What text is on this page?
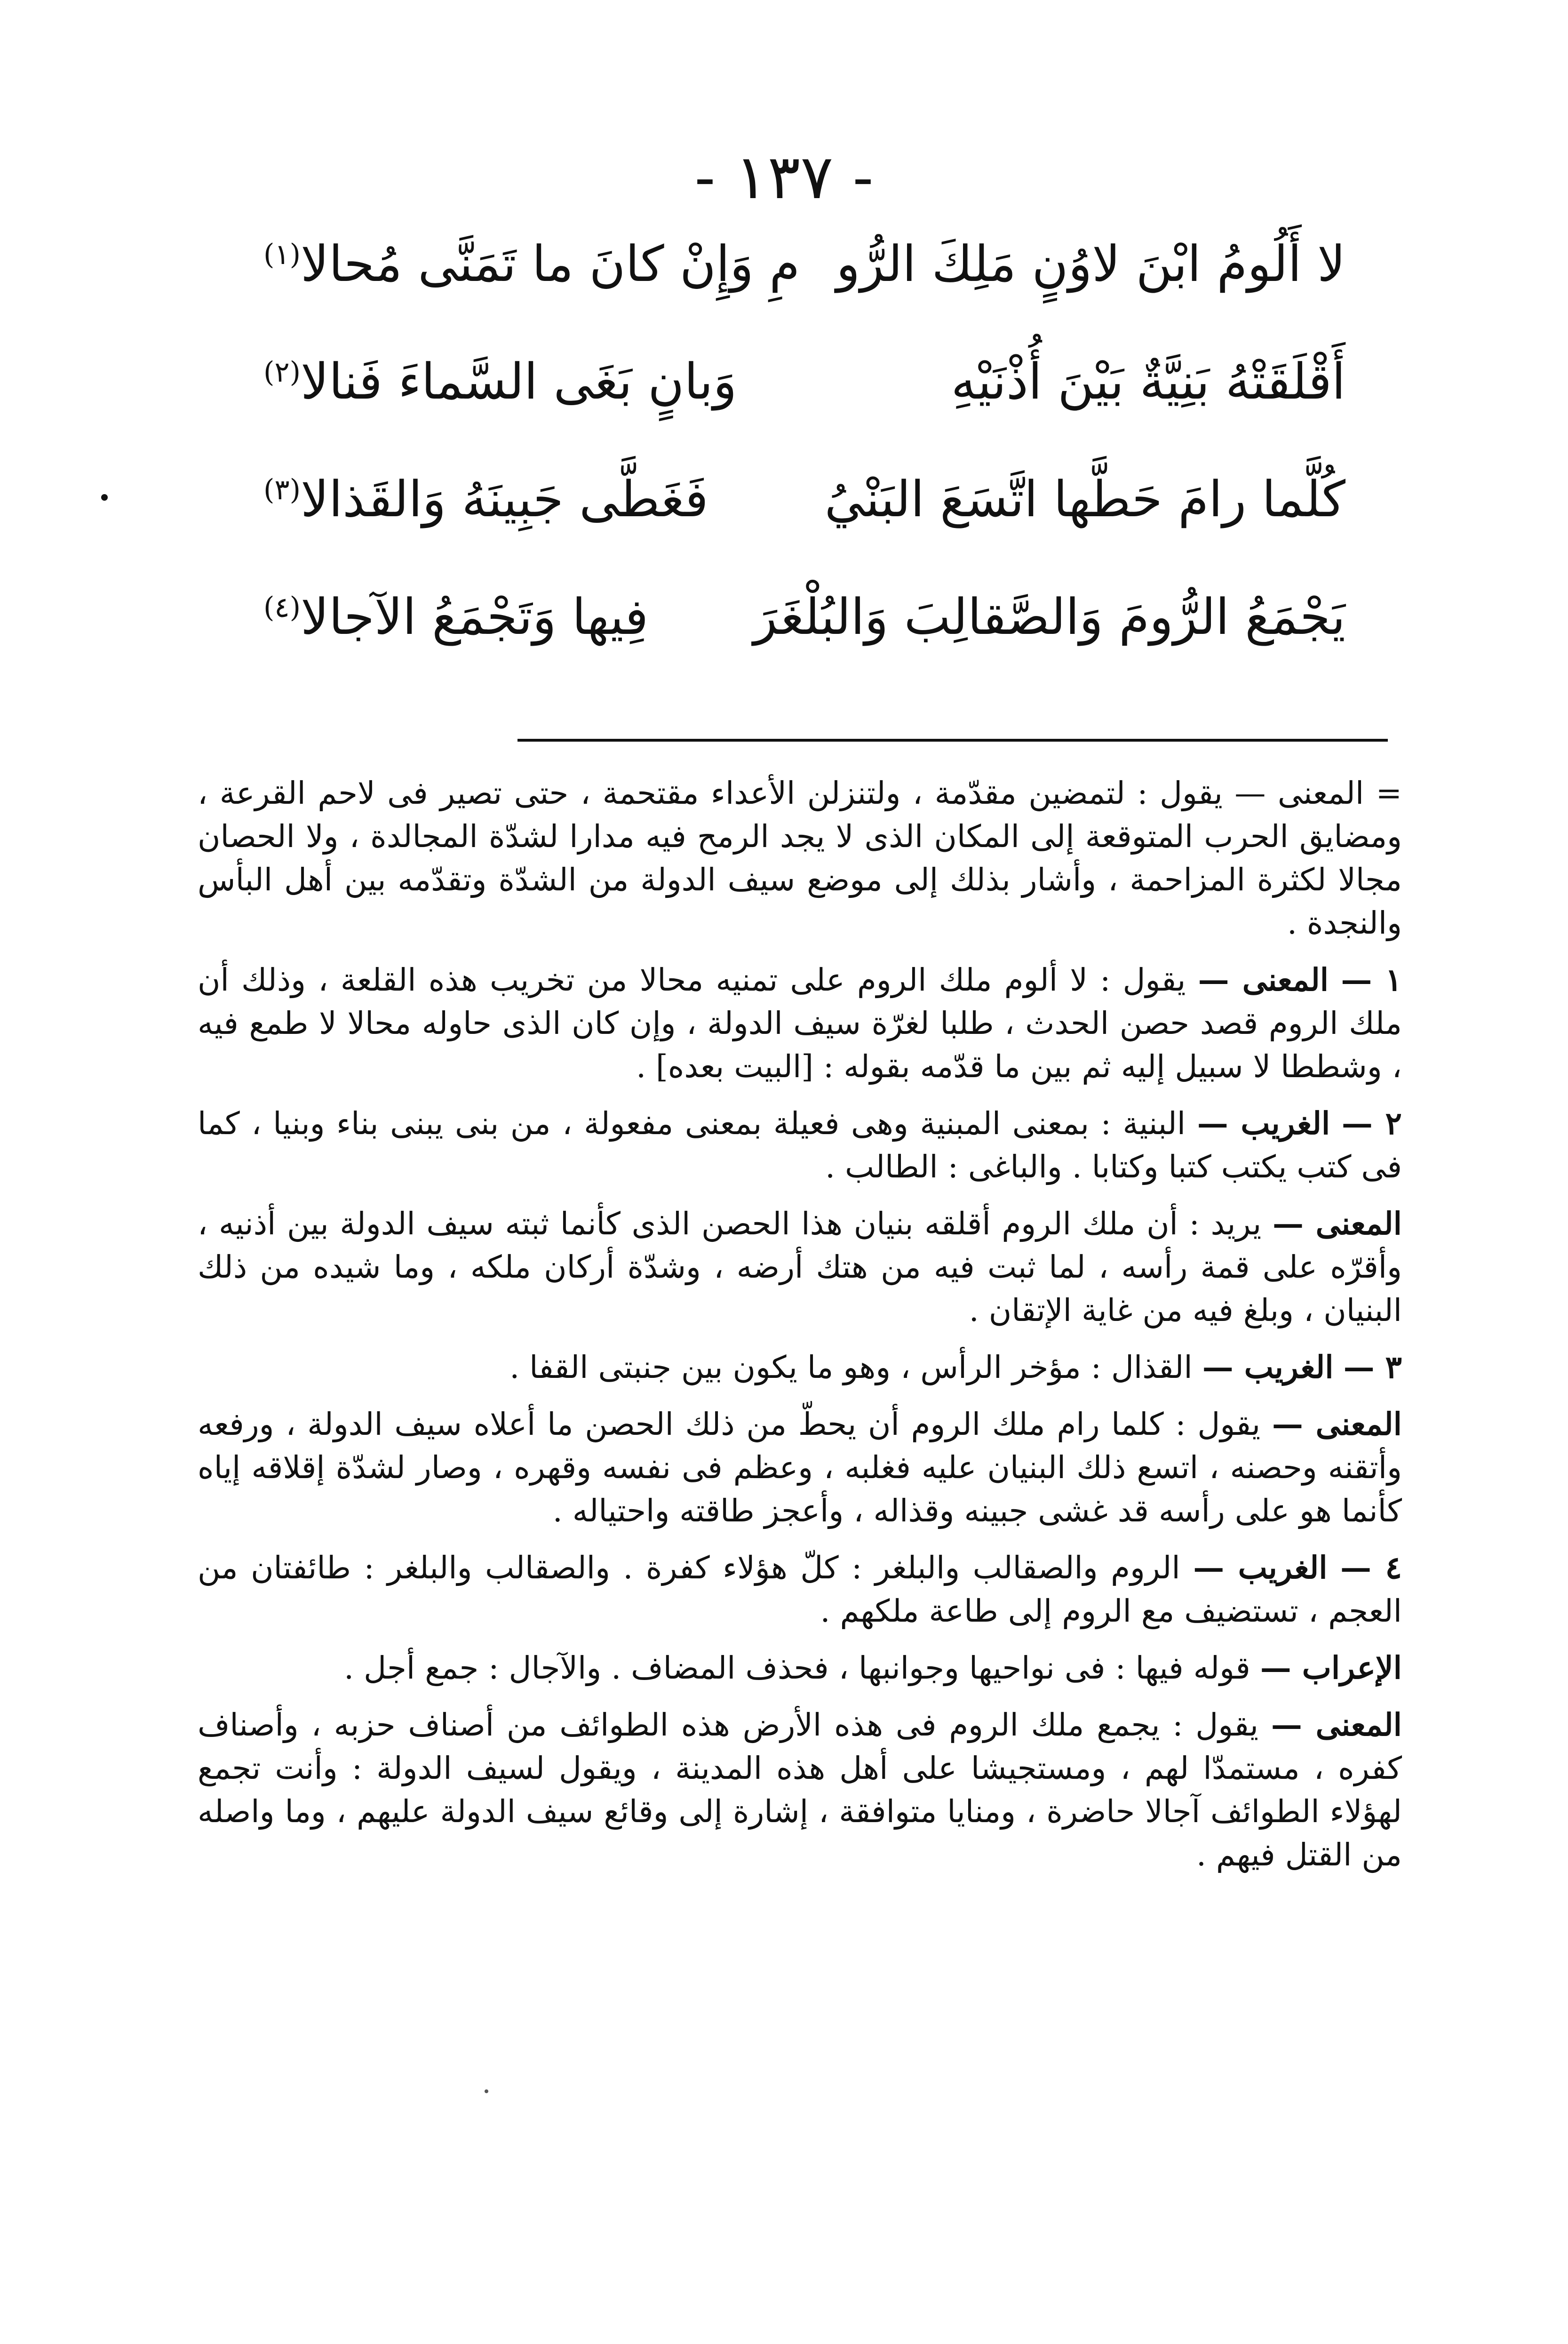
- ١٣٧ -
لا أَلُومُ ابْنَ لاوُنٍ مَلِكَ الرُّو
مِ وَإِنْ كانَ ما تَمَنَّى مُحالا$^{(١)}$
أَقْلَقَتْهُ بَنِيَّةٌ بَيْنَ أُذْنَيْهِ
وَبانٍ بَغَى السَّماءَ فَنالا$^{(٢)}$
كُلَّما رامَ حَطَّها اتَّسَعَ البَنْيُ
فَغَطَّى جَبِينَهُ وَالقَذالا$^{(٣)}$
يَجْمَعُ الرُّومَ وَالصَّقالِبَ وَالبُلْغَرَ
فِيها وَتَجْمَعُ الآجالا$^{(٤)}$

= المعنى — يقول : لتمضين مقدّمة ، ولتنزلن الأعداء مقتحمة ، حتى تصير فى لاحم القرعة ، ومضايق الحرب المتوقعة إلى المكان الذى لا يجد الرمح فيه مدارا لشدّة المجالدة ، ولا الحصان مجالا لكثرة المزاحمة ، وأشار بذلك إلى موضع سيف الدولة من الشدّة وتقدّمه بين أهل البأس والنجدة .

١ — المعنى — يقول : لا ألوم ملك الروم على تمنيه محالا من تخريب هذه القلعة ، وذلك أن ملك الروم قصد حصن الحدث ، طلبا لغرّة سيف الدولة ، وإن كان الذى حاوله محالا لا طمع فيه ، وشططا لا سبيل إليه ثم بين ما قدّمه بقوله : [البيت بعده] .

٢ — الغريب — البنية : بمعنى المبنية وهى فعيلة بمعنى مفعولة ، من بنى يبنى بناء وبنيا ، كما فى كتب يكتب كتبا وكتابا . والباغى : الطالب .

المعنى — يريد : أن ملك الروم أقلقه بنيان هذا الحصن الذى كأنما ثبته سيف الدولة بين أذنيه ، وأقرّه على قمة رأسه ، لما ثبت فيه من هتك أرضه ، وشدّة أركان ملكه ، وما شيده من ذلك البنيان ، وبلغ فيه من غاية الإتقان .

٣ — الغريب — القذال : مؤخر الرأس ، وهو ما يكون بين جنبتى القفا .

المعنى — يقول : كلما رام ملك الروم أن يحطّ من ذلك الحصن ما أعلاه سيف الدولة ، ورفعه وأتقنه وحصنه ، اتسع ذلك البنيان عليه فغلبه ، وعظم فى نفسه وقهره ، وصار لشدّة إقلاقه إياه كأنما هو على رأسه قد غشى جبينه وقذاله ، وأعجز طاقته واحتياله .

٤ — الغريب — الروم والصقالب والبلغر : كلّ هؤلاء كفرة . والصقالب والبلغر : طائفتان من العجم ، تستضيف مع الروم إلى طاعة ملكهم .

الإعراب — قوله فيها : فى نواحيها وجوانبها ، فحذف المضاف . والآجال : جمع أجل .

المعنى — يقول : يجمع ملك الروم فى هذه الأرض هذه الطوائف من أصناف حزبه ، وأصناف كفره ، مستمدّا لهم ، ومستجيشا على أهل هذه المدينة ، ويقول لسيف الدولة : وأنت تجمع لهؤلاء الطوائف آجالا حاضرة ، ومنايا متوافقة ، إشارة إلى وقائع سيف الدولة عليهم ، وما واصله من القتل فيهم .
